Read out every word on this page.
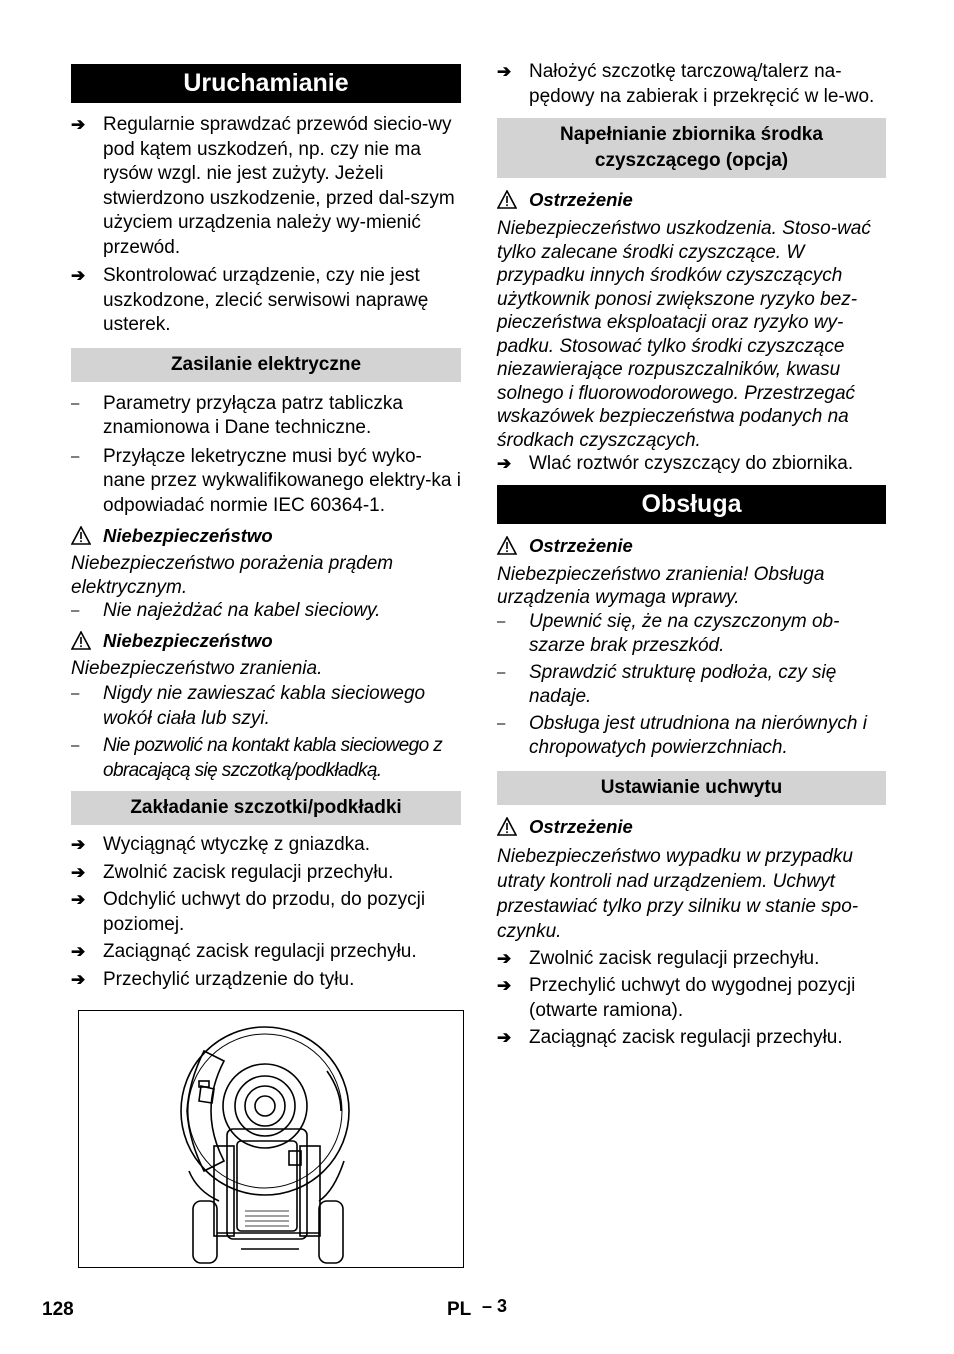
Uruchamianie
➔ Regularnie sprawdzać przewód siecio-wy pod kątem uszkodzeń, np. czy nie ma rysów wzgl. nie jest zużyty. Jeżeli stwierdzono uszkodzenie, przed dal-szym użyciem urządzenia należy wy-mienić przewód.
➔ Skontrolować urządzenie, czy nie jest uszkodzone, zlecić serwisowi naprawę usterek.
Zasilanie elektryczne
–	Parametry przyłącza patrz tabliczka znamionowa i Dane techniczne.
–	Przyłącze leketryczne musi być wyko-nane przez wykwalifikowanego elektry-ka i odpowiadać normie IEC 60364-1.
Niebezpieczeństwo
Niebezpieczeństwo porażenia prądem elektrycznym.
–	Nie najeżdżać na kabel sieciowy.
Niebezpieczeństwo
Niebezpieczeństwo zranienia.
–	Nigdy nie zawieszać kabla sieciowego wokół ciała lub szyi.
–	Nie pozwolić na kontakt kabla sieciowego z obracającą się szczotką/podkładką.
Zakładanie szczotki/podkładki
➔ Wyciągnąć wtyczkę z gniazdka.
➔ Zwolnić zacisk regulacji przechyłu.
➔ Odchylić uchwyt do przodu, do pozycji poziomej.
➔ Zaciągnąć zacisk regulacji przechyłu.
➔ Przechylić urządzenie do tyłu.
➔ Nałożyć szczotkę tarczową/talerz na-pędowy na zabierak i przekręcić w le-wo.
Napełnianie zbiornika środka czyszczącego (opcja)
Ostrzeżenie
Niebezpieczeństwo uszkodzenia. Stoso-wać tylko zalecane środki czyszczące. W przypadku innych środków czyszczących użytkownik ponosi zwiększone ryzyko bez-pieczeństwa eksploatacji oraz ryzyko wy-padku. Stosować tylko środki czyszczące niezawierające rozpuszczalników, kwasu solnego i fluorowodorowego. Przestrzegać wskazówek bezpieczeństwa podanych na środkach czyszczących.
➔ Wlać roztwór czyszczący do zbiornika.
Obsługa
Ostrzeżenie
Niebezpieczeństwo zranienia! Obsługa urządzenia wymaga wprawy.
–	Upewnić się, że na czyszczonym ob-szarze brak przeszkód.
–	Sprawdzić strukturę podłoża, czy się nadaje.
–	Obsługa jest utrudniona na nierównych i chropowatych powierzchniach.
Ustawianie uchwytu
Ostrzeżenie
Niebezpieczeństwo wypadku w przypadku utraty kontroli nad urządzeniem. Uchwyt przestawiać tylko przy silniku w stanie spo-czynku.
➔ Zwolnić zacisk regulacji przechyłu.
➔ Przechylić uchwyt do wygodnej pozycji (otwarte ramiona).
➔ Zaciągnąć zacisk regulacji przechyłu.
128	PL – 3
